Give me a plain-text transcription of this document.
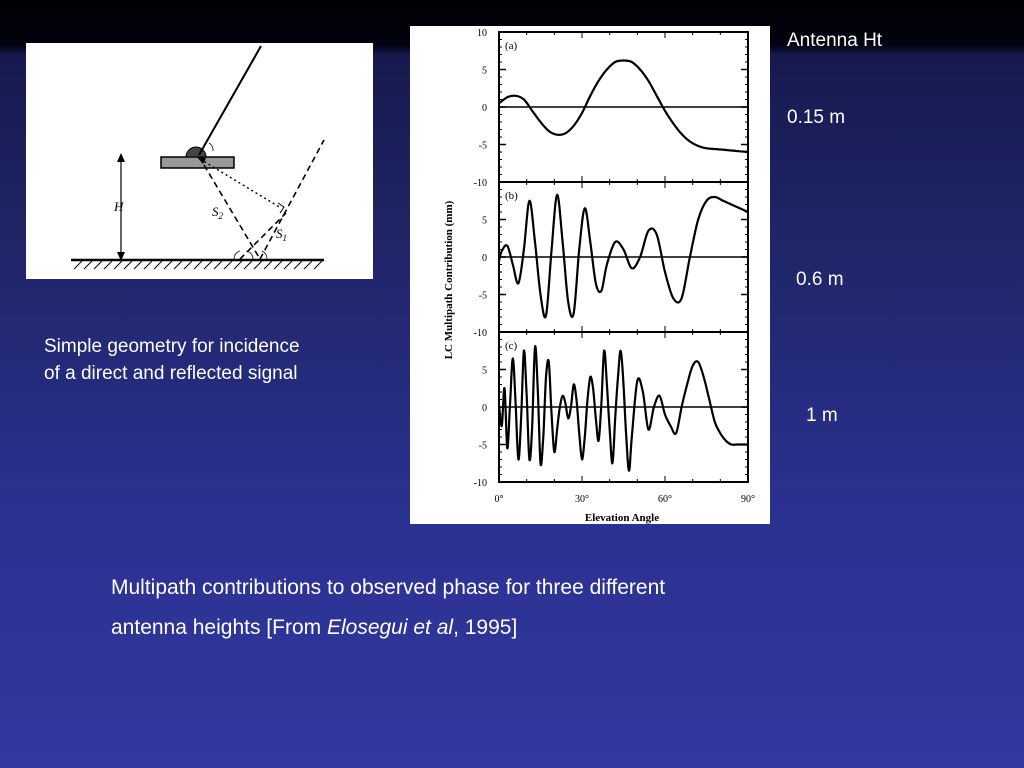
H	$S_2$
$S_1$
Simple geometry for incidence of a direct and reflected signal
LC Multipath Contribution (mm)
Elevation Angle
10
5
0
-5
-10
(a)
5
0
-5
-10
(b)
5
0
-5
-10
(c)
0°	30°	60°	90°
Antenna Ht
0.15 m
0.6 m
1 m
Multipath contributions to observed phase for three different
antenna heights [From Elosegui et al, 1995]
